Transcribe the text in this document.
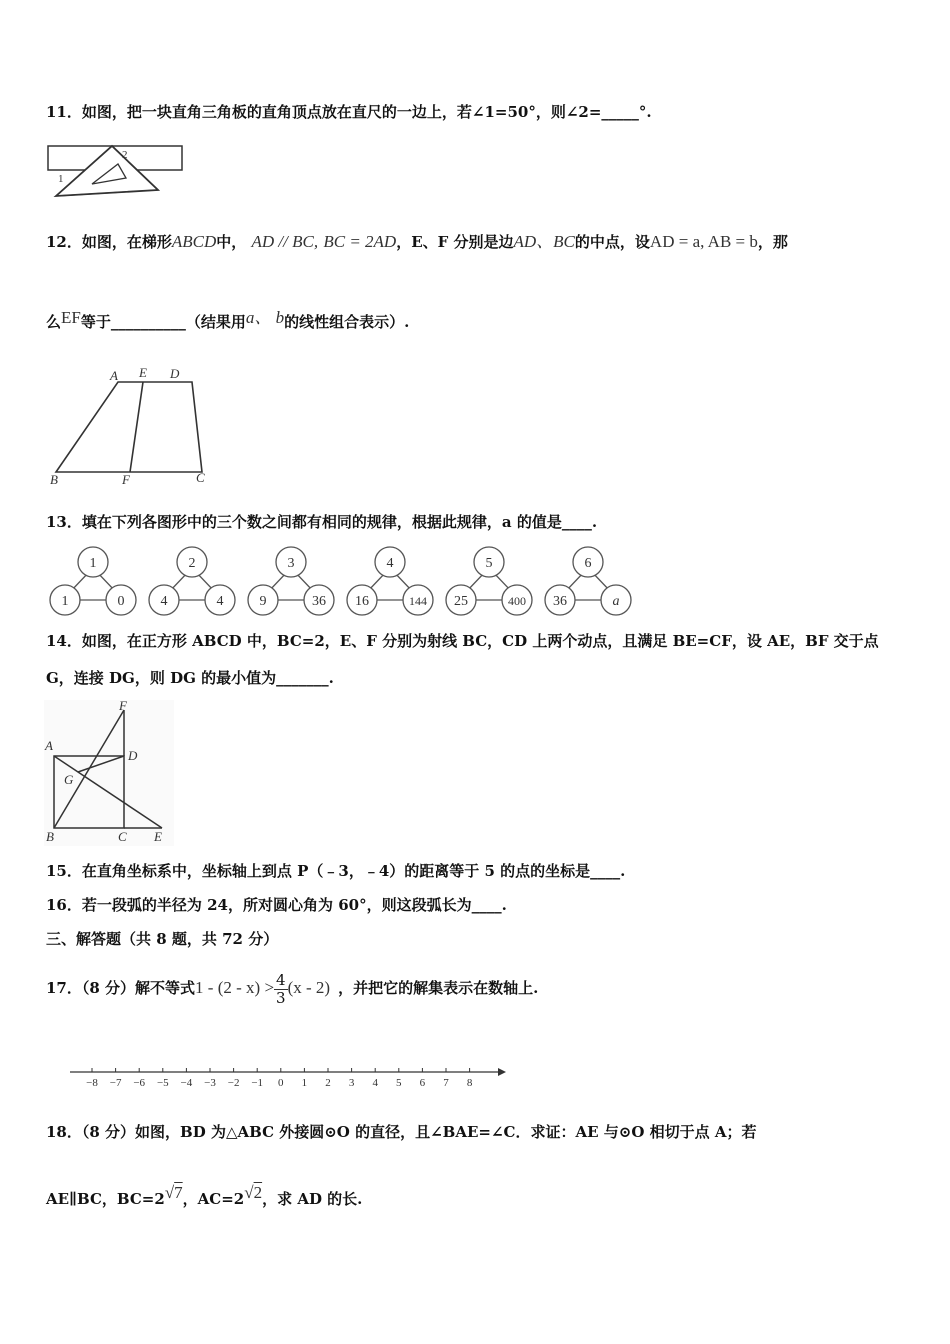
11．如图，把一块直角三角板的直角顶点放在直尺的一边上，若∠1=50°，则∠2=_____°.
1
2
12．如图，在梯形ABCD中， AD // BC, BC = 2AD，E、F 分别是边AD、BC的中点，设AD = a, AB = b，那
么EF等于__________（结果用a、 b的线性组合表示）.
A E D
B	F	C
13．填在下列各图形中的三个数之间都有相同的规律，根据此规律，a 的值是____.
1
1	0
2
4	4
3
9	36
4
16	144
5
25	400
6
36	a
14．如图，在正方形 ABCD 中，BC=2，E、F 分别为射线 BC，CD 上两个动点，且满足 BE=CF，设 AE，BF 交于点
G，连接 DG，则 DG 的最小值为_______.
F
A
D
G
B	C E
15．在直角坐标系中，坐标轴上到点 P（﹣3，﹣4）的距离等于 5 的点的坐标是____.
16．若一段弧的半径为 24，所对圆心角为 60°，则这段弧长为____.
三、解答题（共 8 题，共 72 分）
17．（8 分）解不等式$1 - (2 - x) > \frac{4}{3} (x - 2)$ ，并把它的解集表示在数轴上.
−8 −7 −6 −5 −4 −3 −2 −1 0 1 2 3 4 5 6 7 8
18．（8 分）如图，BD 为△ABC 外接圆⊙O 的直径，且∠BAE=∠C．求证：AE 与⊙O 相切于点 A；若
AE∥BC，BC=2√7，AC=2√2，求 AD 的长.
